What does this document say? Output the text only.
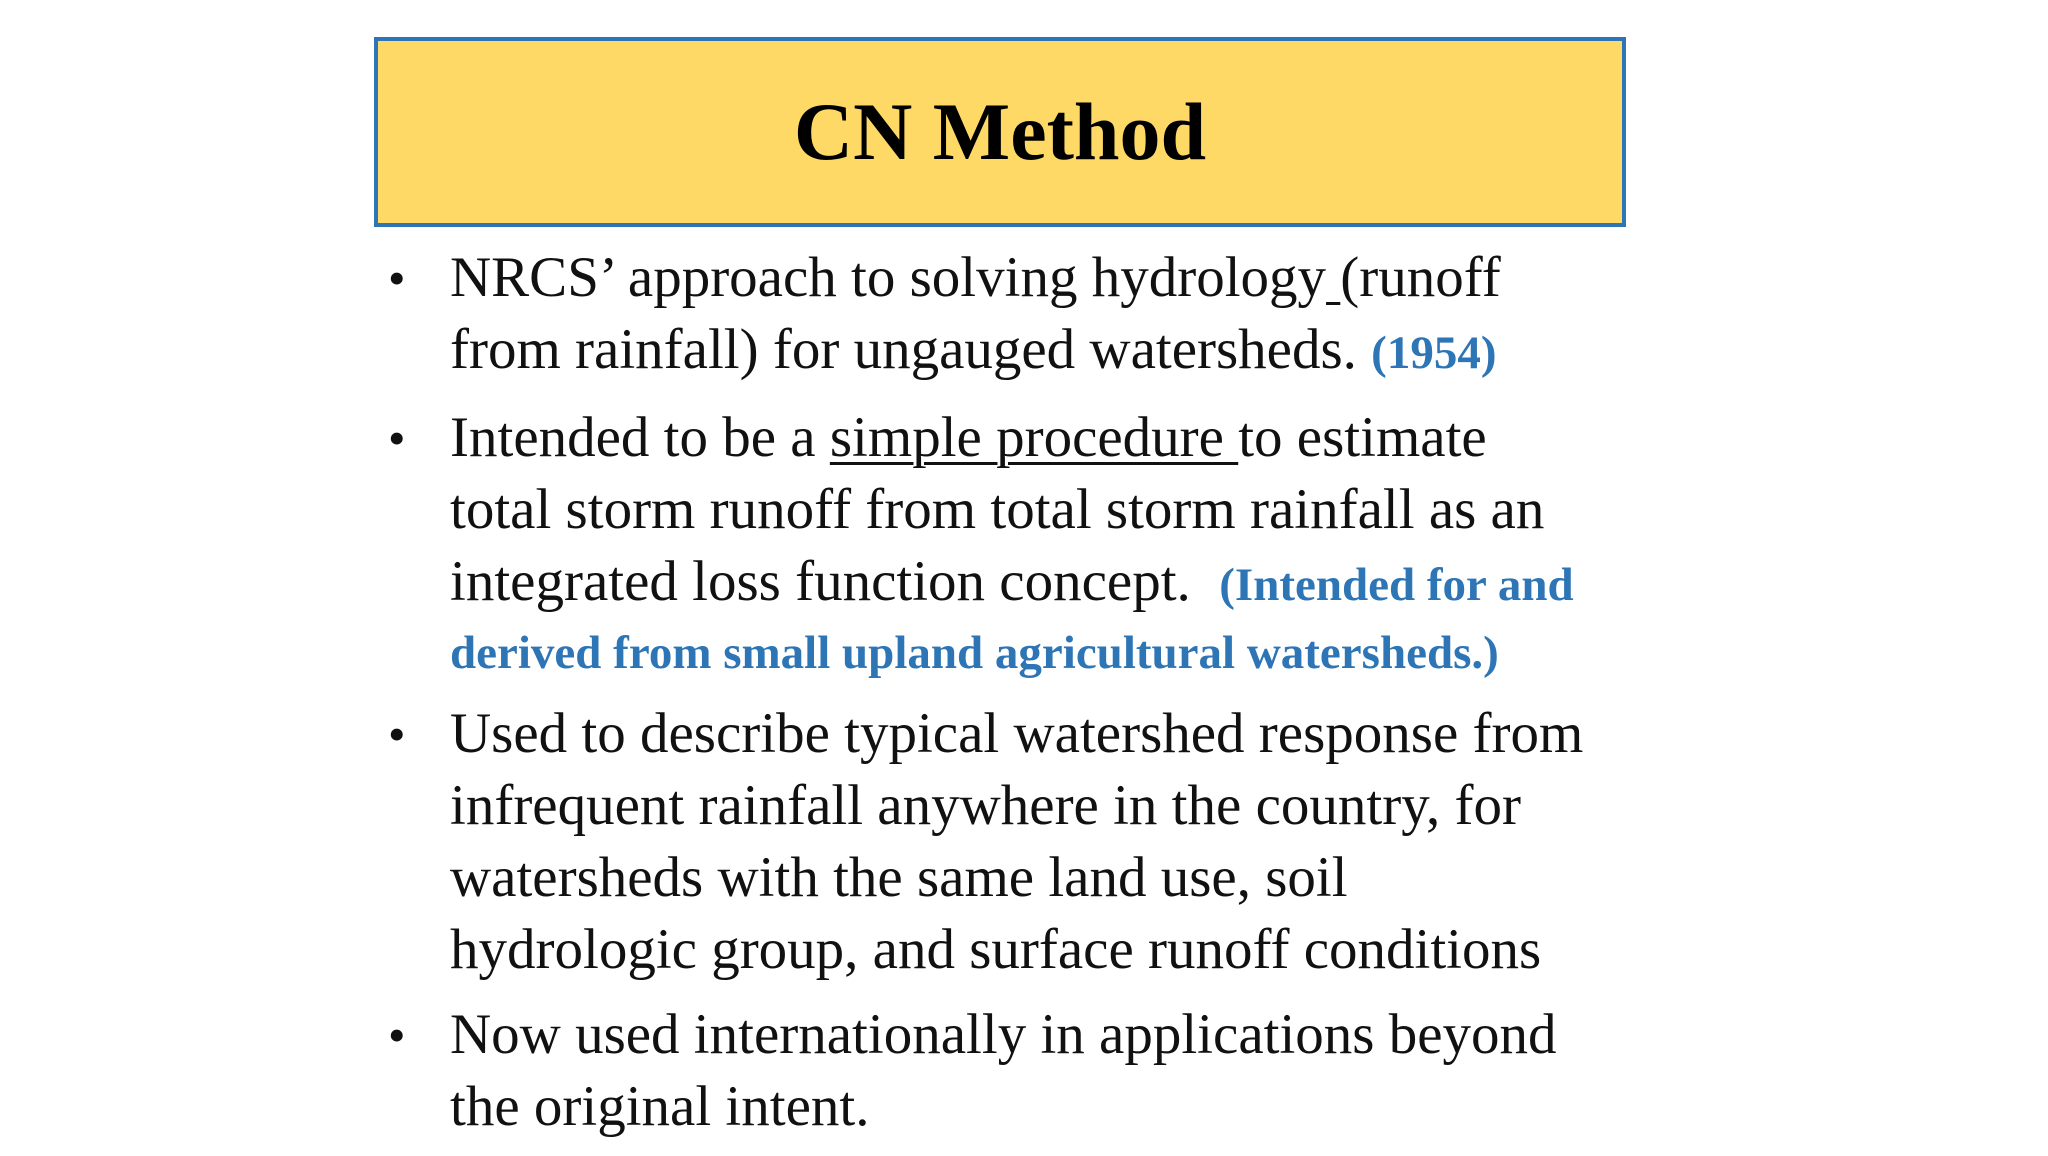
CN Method
• NRCS’ approach to solving hydrology (runoff
from rainfall) for ungauged watersheds. (1954)
• Intended to be a simple procedure to estimate
total storm runoff from total storm rainfall as an
integrated loss function concept. (Intended for and
derived from small upland agricultural watersheds.)
• Used to describe typical watershed response from
infrequent rainfall anywhere in the country, for
watersheds with the same land use, soil
hydrologic group, and surface runoff conditions
• Now used internationally in applications beyond
the original intent.
